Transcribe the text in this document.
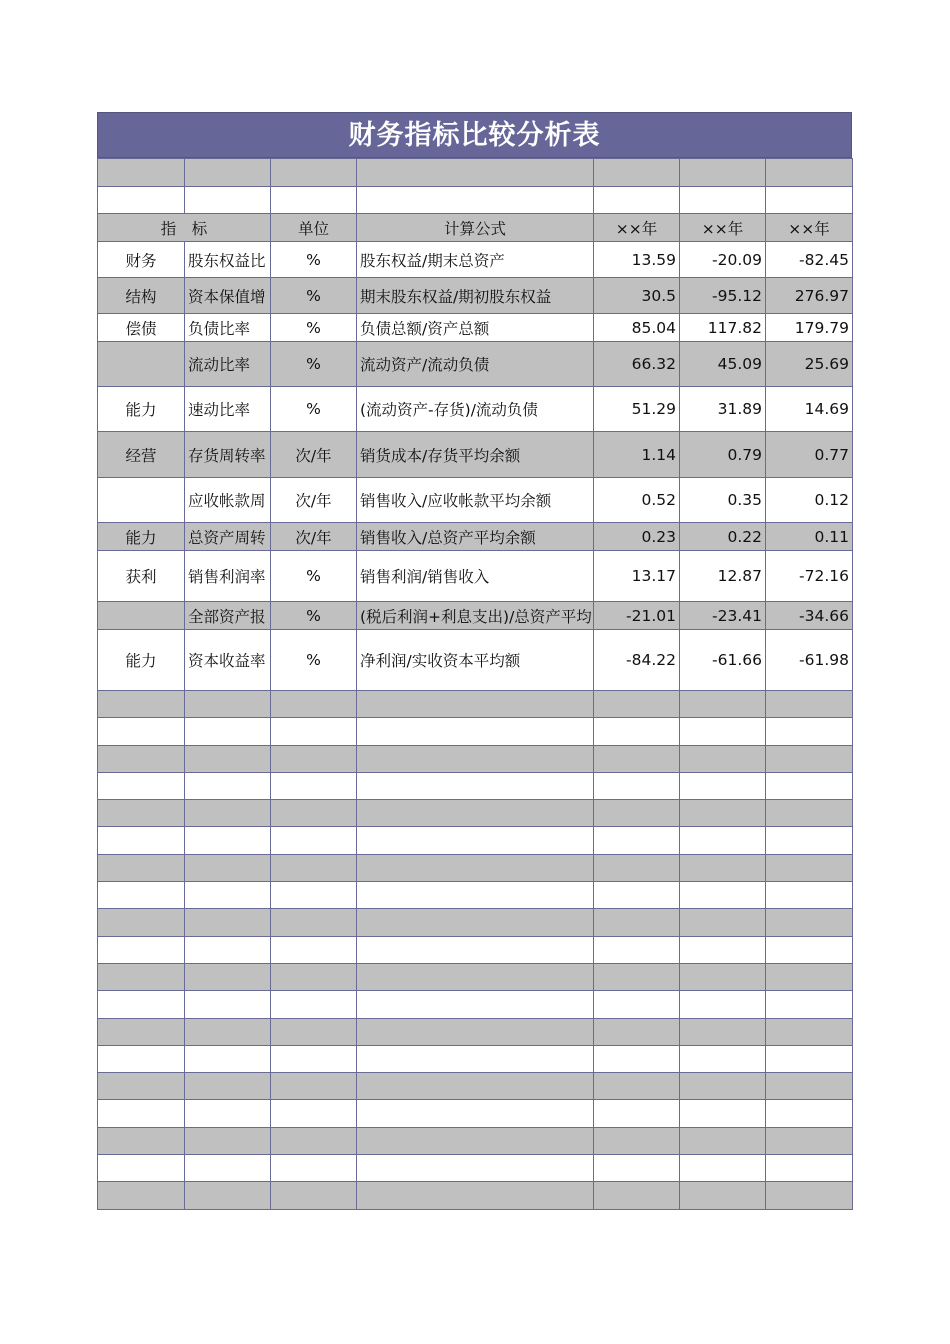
财务指标比较分析表

指　标		单位	计算公式	××年	××年	××年
财务	股东权益比	%	股东权益/期末总资产	13.59	-20.09	-82.45
结构	资本保值增	%	期末股东权益/期初股东权益	30.5	-95.12	276.97
偿债	负债比率	%	负债总额/资产总额	85.04	117.82	179.79
	流动比率	%	流动资产/流动负债	66.32	45.09	25.69
能力	速动比率	%	(流动资产-存货)/流动负债	51.29	31.89	14.69
经营	存货周转率	次/年	销货成本/存货平均余额	1.14	0.79	0.77
	应收帐款周	次/年	销售收入/应收帐款平均余额	0.52	0.35	0.12
能力	总资产周转	次/年	销售收入/总资产平均余额	0.23	0.22	0.11
获利	销售利润率	%	销售利润/销售收入	13.17	12.87	-72.16
	全部资产报	%	(税后利润+利息支出)/总资产平均	-21.01	-23.41	-34.66
能力	资本收益率	%	净利润/实收资本平均额	-84.22	-61.66	-61.98
